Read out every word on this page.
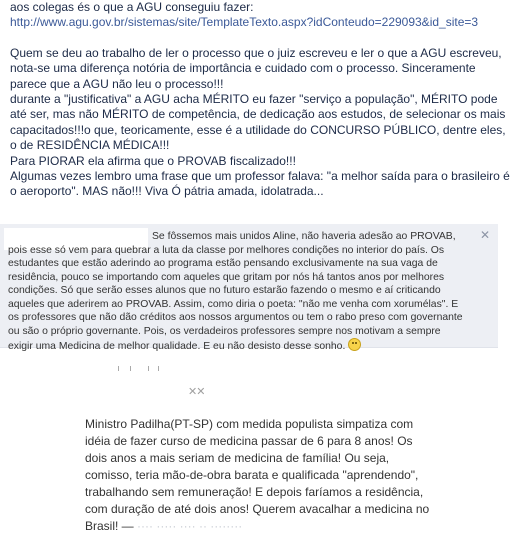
aos colegas és o que a AGU conseguiu fazer:

http://www.agu.gov.br/sistemas/site/TemplateTexto.aspx?idConteudo=229093&id_site=3

Quem se deu ao trabalho de ler o processo que o juiz escreveu e ler o que a AGU escreveu, nota-se uma diferença notória de importância e cuidado com o processo. Sinceramente parece que a AGU não leu o processo!!!

durante a "justificativa" a AGU acha MÉRITO eu fazer "serviço a população", MÉRITO pode até ser, mas não MÉRITO de competência, de dedicação aos estudos, de selecionar os mais capacitados!!!o que, teoricamente, esse é a utilidade do CONCURSO PÚBLICO, dentre eles, o de RESIDÊNCIA MÉDICA!!!

Para PIORAR ela afirma que o PROVAB fiscalizado!!!

Algumas vezes lembro uma frase que um professor falava: "a melhor saída para o brasileiro é o aeroporto". MAS não!!! Viva Ó pátria amada, idolatrada...

Se fôssemos mais unidos Aline, não haveria adesão ao PROVAB, pois esse só vem para quebrar a luta da classe por melhores condições no interior do país. Os estudantes que estão aderindo ao programa estão pensando exclusivamente na sua vaga de residência, pouco se importando com aqueles que gritam por nós há tantos anos por melhores condições. Só que serão esses alunos que no futuro estarão fazendo o mesmo e aí criticando aqueles que aderirem ao PROVAB. Assim, como diria o poeta: "não me venha com xorumélas". E os professores que não dão créditos aos nossos argumentos ou tem o rabo preso com governante ou são o próprio governante. Pois, os verdadeiros professores sempre nos motivam a sempre exigir uma Medicina de melhor qualidade. E eu não desisto desse sonho.
✕
✕✕
Ministro Padilha(PT-SP) com medida populista simpatiza com idéia de fazer curso de medicina passar de 6 para 8 anos! Os dois anos a mais seriam de medicina de família! Ou seja, comisso, teria mão-de-obra barata e qualificada "aprendendo", trabalhando sem remuneração! E depois faríamos a residência, com duração de até dois anos! Querem avacalhar a medicina no Brasil! — ···· ····· ···· ·· ········
